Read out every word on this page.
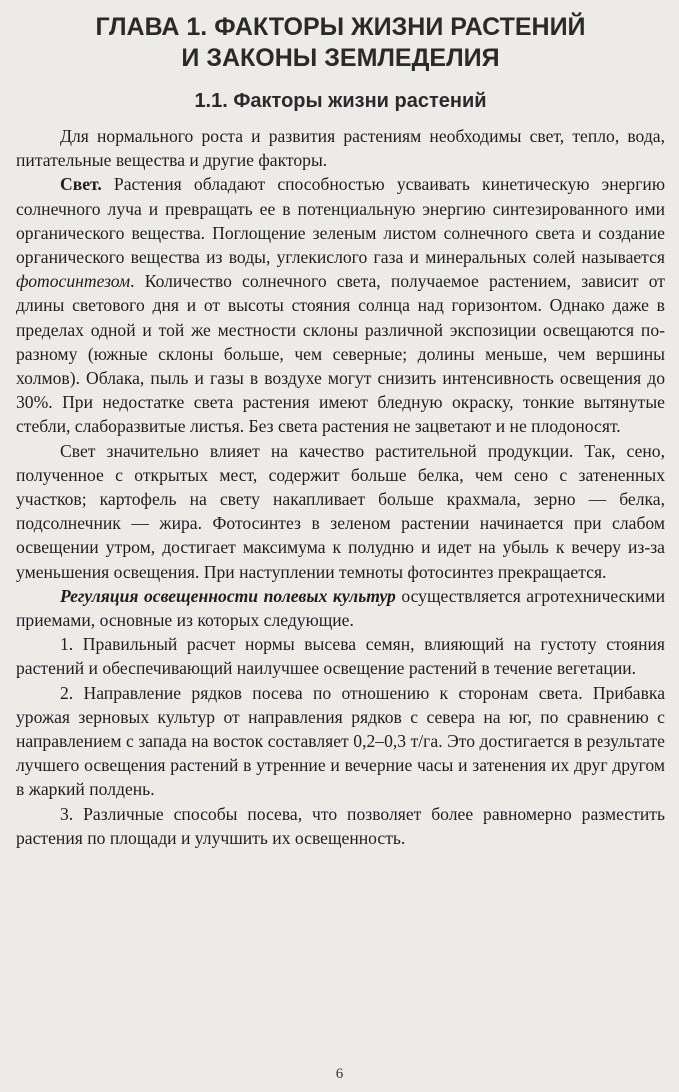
ГЛАВА 1. ФАКТОРЫ ЖИЗНИ РАСТЕНИЙ
И ЗАКОНЫ ЗЕМЛЕДЕЛИЯ
1.1. Факторы жизни растений

Для нормального роста и развития растениям необходимы свет, тепло, вода, питательные вещества и другие факторы.

Свет. Растения обладают способностью усваивать кинетическую энергию солнечного луча и превращать ее в потенциальную энергию синтезированного ими органического вещества. Поглощение зеленым листом солнечного света и создание органического вещества из воды, углекислого газа и минеральных солей называется фотосинтезом. Количество солнечного света, получаемое растением, зависит от длины светового дня и от высоты стояния солнца над горизонтом. Однако даже в пределах одной и той же местности склоны различной экспозиции освещаются по-разному (южные склоны больше, чем северные; долины меньше, чем вершины холмов). Облака, пыль и газы в воздухе могут снизить интенсивность освещения до 30%. При недостатке света растения имеют бледную окраску, тонкие вытянутые стебли, слаборазвитые листья. Без света растения не зацветают и не плодоносят.

Свет значительно влияет на качество растительной продукции. Так, сено, полученное с открытых мест, содержит больше белка, чем сено с затененных участков; картофель на свету накапливает больше крахмала, зерно — белка, подсолнечник — жира. Фотосинтез в зеленом растении начинается при слабом освещении утром, достигает максимума к полудню и идет на убыль к вечеру из-за уменьшения освещения. При наступлении темноты фотосинтез прекращается.

Регуляция освещенности полевых культур осуществляется агротехническими приемами, основные из которых следующие.

1. Правильный расчет нормы высева семян, влияющий на густоту стояния растений и обеспечивающий наилучшее освещение растений в течение вегетации.

2. Направление рядков посева по отношению к сторонам света. Прибавка урожая зерновых культур от направления рядков с севера на юг, по сравнению с направлением с запада на восток составляет 0,2–0,3 т/га. Это достигается в результате лучшего освещения растений в утренние и вечерние часы и затенения их друг другом в жаркий полдень.

3. Различные способы посева, что позволяет более равномерно разместить растения по площади и улучшить их освещенность.

6
